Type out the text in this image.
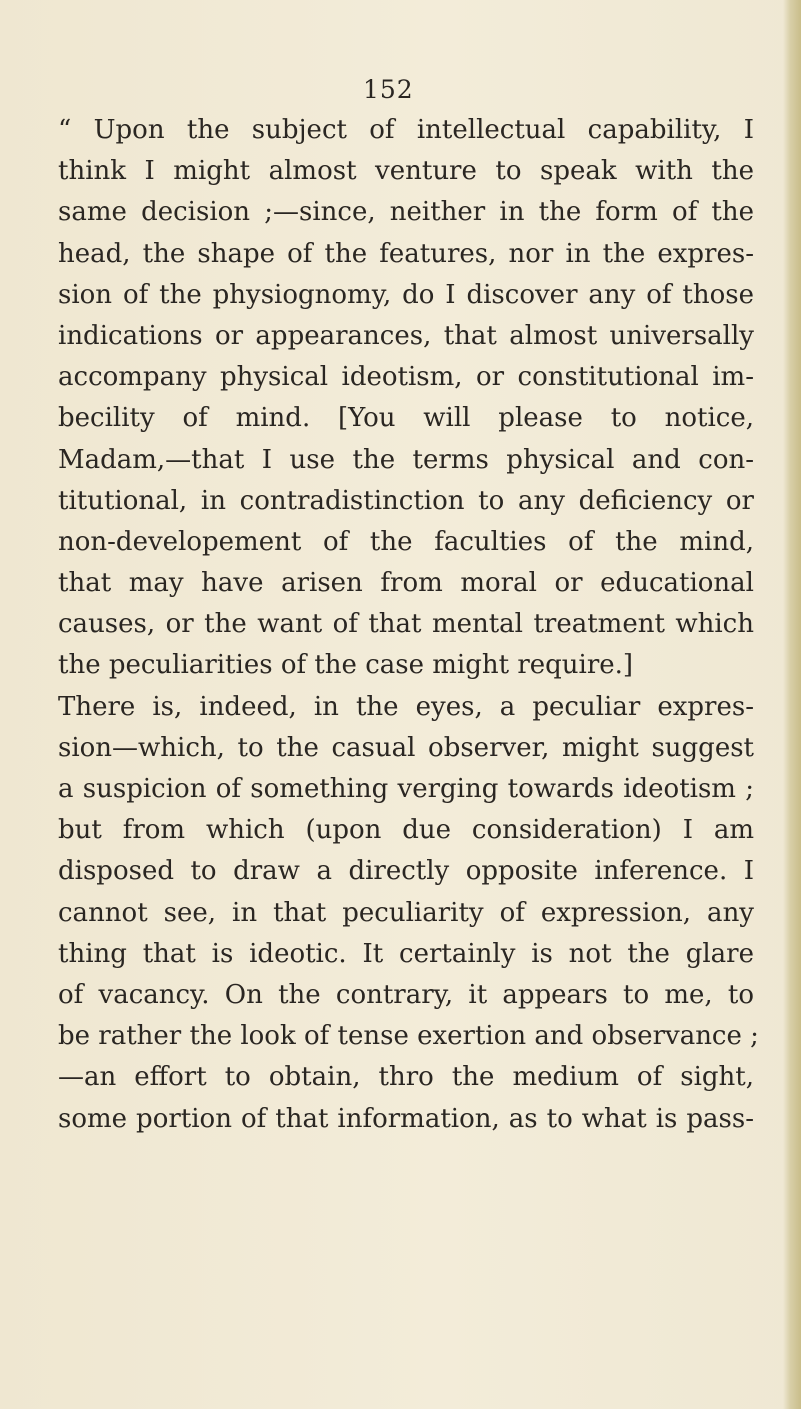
152
“ Upon the subject of intellectual capability, I
think I might almost venture to speak with the
same decision ;—since, neither in the form of the
head, the shape of the features, nor in the expres-
sion of the physiognomy, do I discover any of those
indications or appearances, that almost universally
accompany physical ideotism, or constitutional im-
becility of mind. [You will please to notice,
Madam,—that I use the terms physical and con-
titutional, in contradistinction to any deficiency or
non-developement of the faculties of the mind,
that may have arisen from moral or educational
causes, or the want of that mental treatment which
the peculiarities of the case might require.]
There is, indeed, in the eyes, a peculiar expres-
sion—which, to the casual observer, might suggest
a suspicion of something verging towards ideotism ;
but from which (upon due consideration) I am
disposed to draw a directly opposite inference. I
cannot see, in that peculiarity of expression, any
thing that is ideotic. It certainly is not the glare
of vacancy. On the contrary, it appears to me, to
be rather the look of tense exertion and observance ;
—an effort to obtain, thro the medium of sight,
some portion of that information, as to what is pass-
